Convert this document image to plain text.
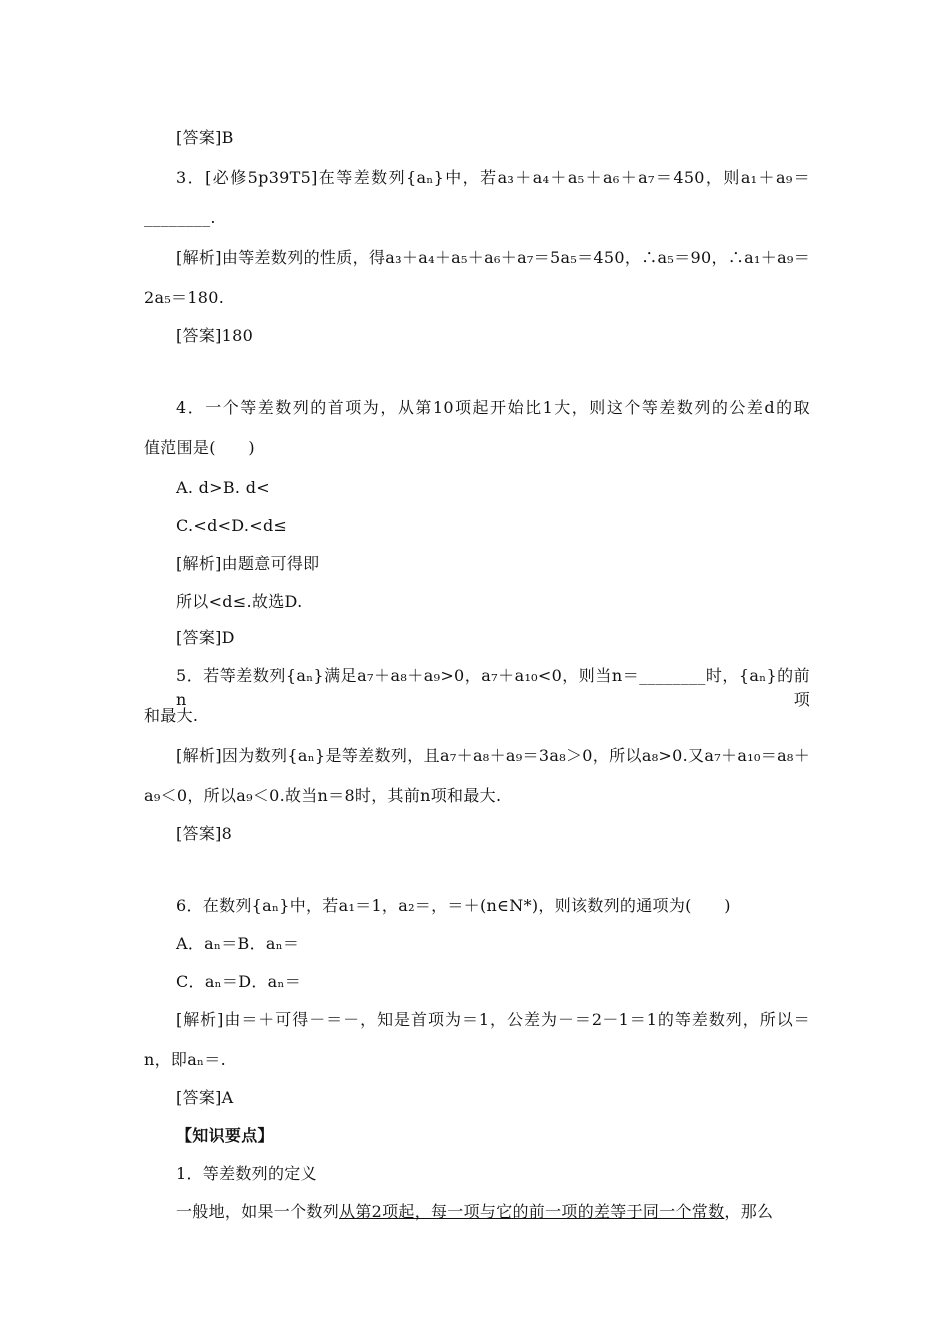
[答案]B
3．[必修5p39T5]在等差数列{aₙ}中，若a₃＋a₄＋a₅＋a₆＋a₇＝450，则a₁＋a₉＝
________.
[解析]由等差数列的性质，得a₃＋a₄＋a₅＋a₆＋a₇＝5a₅＝450，∴a₅＝90，∴a₁＋a₉＝
2a₅＝180.
[答案]180
4．一个等差数列的首项为，从第10项起开始比1大，则这个等差数列的公差d的取
值范围是(　　)
A. d>B. d<
C.<d<D.<d≤
[解析]由题意可得即
所以<d≤.故选D.
[答案]D
5．若等差数列{aₙ}满足a₇＋a₈＋a₉>0，a₇＋a₁₀<0，则当n＝________时，{aₙ}的前n项
和最大.
[解析]因为数列{aₙ}是等差数列，且a₇＋a₈＋a₉＝3a₈＞0，所以a₈>0.又a₇＋a₁₀＝a₈＋
a₉＜0，所以a₉＜0.故当n＝8时，其前n项和最大.
[答案]8
6．在数列{aₙ}中，若a₁＝1，a₂＝，＝＋(n∈N*)，则该数列的通项为(　　)
A．aₙ＝B．aₙ＝
C．aₙ＝D．aₙ＝
[解析]由＝＋可得－＝－，知是首项为＝1，公差为－＝2－1＝1的等差数列，所以＝
n，即aₙ＝.
[答案]A
【知识要点】
1．等差数列的定义
一般地，如果一个数列从第2项起，每一项与它的前一项的差等于同一个常数，那么
